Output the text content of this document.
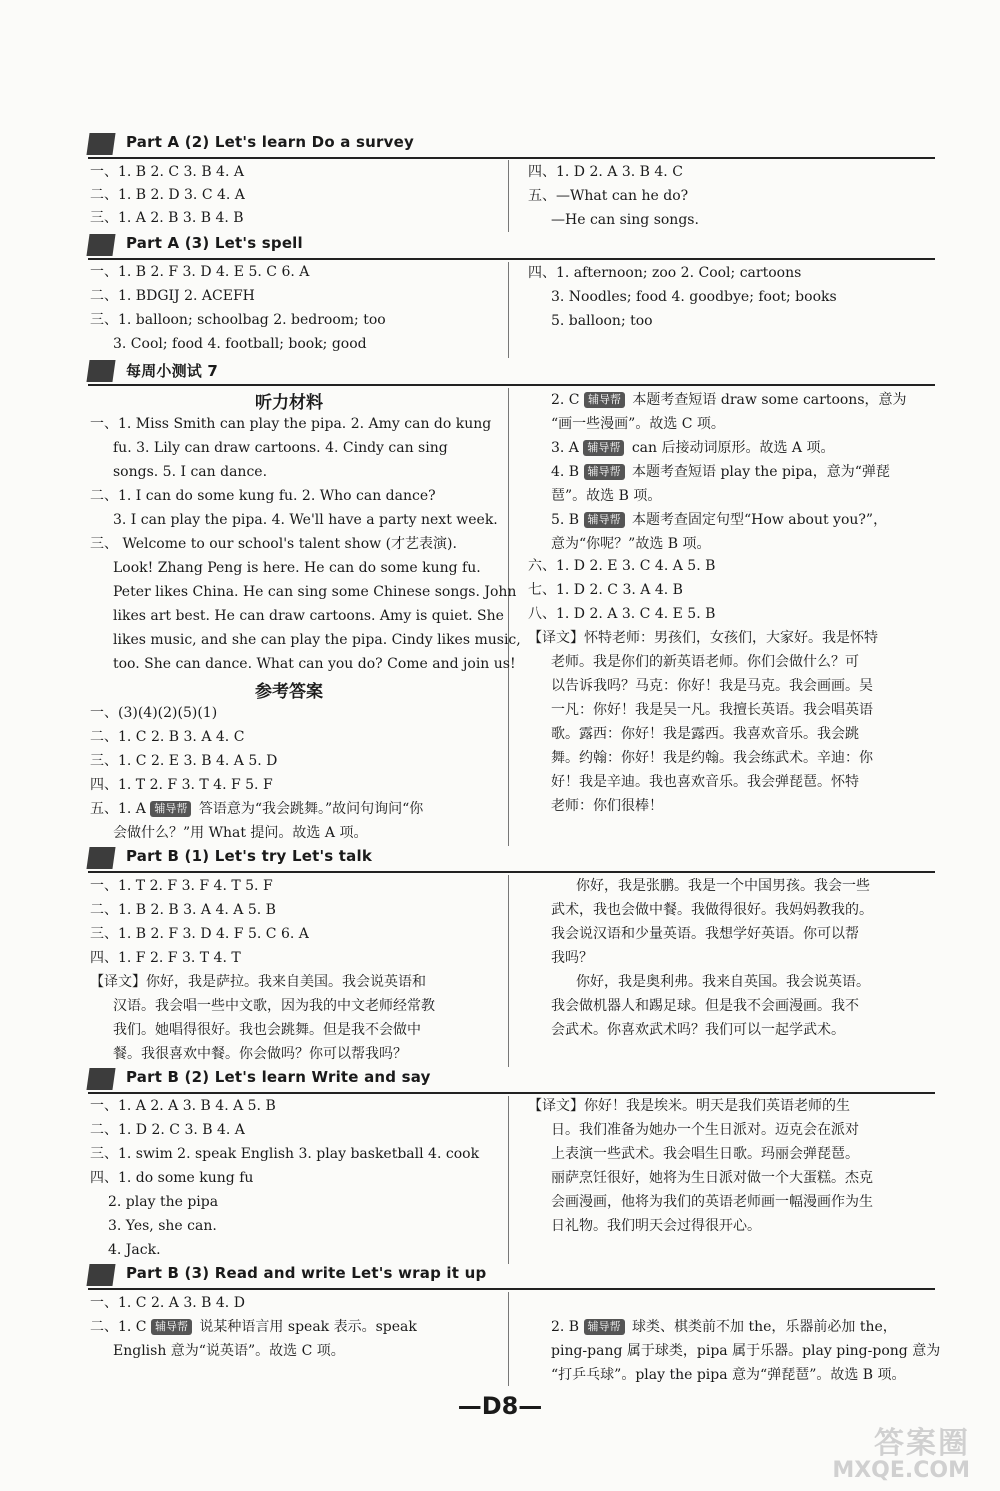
Part A (2) Let's learn Do a survey
Part A (3) Let's spell
每周小测试 7
Part B (1) Let's try Let's talk
Part B (2) Let's learn Write and say
Part B (3) Read and write Let's wrap it up
听力材料
参考答案
一、1. B 2. C 3. B 4. A
二、1. B 2. D 3. C 4. A
三、1. A 2. B 3. B 4. B
四、1. D 2. A 3. B 4. C
五、—What can he do?
—He can sing songs.
一、1. B 2. F 3. D 4. E 5. C 6. A
二、1. BDGIJ 2. ACEFH
三、1. balloon; schoolbag 2. bedroom; too
3. Cool; food 4. football; book; good
四、1. afternoon; zoo 2. Cool; cartoons
3. Noodles; food 4. goodbye; foot; books
5. balloon; too
一、1. Miss Smith can play the pipa. 2. Amy can do kung
fu. 3. Lily can draw cartoons. 4. Cindy can sing
songs. 5. I can dance.
二、1. I can do some kung fu. 2. Who can dance?
3. I can play the pipa. 4. We'll have a party next week.
三、 Welcome to our school's talent show (才艺表演).
Look! Zhang Peng is here. He can do some kung fu.
Peter likes China. He can sing some Chinese songs. John
likes art best. He can draw cartoons. Amy is quiet. She
likes music, and she can play the pipa. Cindy likes music,
too. She can dance. What can you do? Come and join us!
一、(3)(4)(2)(5)(1)
二、1. C 2. B 3. A 4. C
三、1. C 2. E 3. B 4. A 5. D
四、1. T 2. F 3. T 4. F 5. F
五、1. A 辅导帮 答语意为“我会跳舞。”故问句询问“你
会做什么？”用 What 提问。故选 A 项。
2. C 辅导帮 本题考查短语 draw some cartoons，意为
“画一些漫画”。故选 C 项。
3. A 辅导帮 can 后接动词原形。故选 A 项。
4. B 辅导帮 本题考查短语 play the pipa，意为“弹琵
琶”。故选 B 项。
5. B 辅导帮 本题考查固定句型“How about you?”，
意为“你呢？”故选 B 项。
六、1. D 2. E 3. C 4. A 5. B
七、1. D 2. C 3. A 4. B
八、1. D 2. A 3. C 4. E 5. B
【译文】怀特老师：男孩们，女孩们，大家好。我是怀特
老师。我是你们的新英语老师。你们会做什么？可
以告诉我吗？马克：你好！我是马克。我会画画。吴
一凡：你好！我是吴一凡。我擅长英语。我会唱英语
歌。露西：你好！我是露西。我喜欢音乐。我会跳
舞。约翰：你好！我是约翰。我会练武术。辛迪：你
好！我是辛迪。我也喜欢音乐。我会弹琵琶。怀特
老师：你们很棒！
一、1. T 2. F 3. F 4. T 5. F
二、1. B 2. B 3. A 4. A 5. B
三、1. B 2. F 3. D 4. F 5. C 6. A
四、1. F 2. F 3. T 4. T
【译文】你好，我是萨拉。我来自美国。我会说英语和
汉语。我会唱一些中文歌，因为我的中文老师经常教
我们。她唱得很好。我也会跳舞。但是我不会做中
餐。我很喜欢中餐。你会做吗？你可以帮我吗？
你好，我是张鹏。我是一个中国男孩。我会一些
武术，我也会做中餐。我做得很好。我妈妈教我的。
我会说汉语和少量英语。我想学好英语。你可以帮
我吗？
你好，我是奥利弗。我来自英国。我会说英语。
我会做机器人和踢足球。但是我不会画漫画。我不
会武术。你喜欢武术吗？我们可以一起学武术。
一、1. A 2. A 3. B 4. A 5. B
二、1. D 2. C 3. B 4. A
三、1. swim 2. speak English 3. play basketball 4. cook
四、1. do some kung fu
2. play the pipa
3. Yes, she can.
4. Jack.
【译文】你好！我是埃米。明天是我们英语老师的生
日。我们准备为她办一个生日派对。迈克会在派对
上表演一些武术。我会唱生日歌。玛丽会弹琵琶。
丽萨烹饪很好，她将为生日派对做一个大蛋糕。杰克
会画漫画，他将为我们的英语老师画一幅漫画作为生
日礼物。我们明天会过得很开心。
一、1. C 2. A 3. B 4. D
二、1. C 辅导帮 说某种语言用 speak 表示。speak
English 意为“说英语”。故选 C 项。
2. B 辅导帮 球类、棋类前不加 the，乐器前必加 the，
ping-pang 属于球类，pipa 属于乐器。play ping-pong 意为
“打乒乓球”。play the pipa 意为“弹琵琶”。故选 B 项。
—D8—
答案圈
MXQE.COM
